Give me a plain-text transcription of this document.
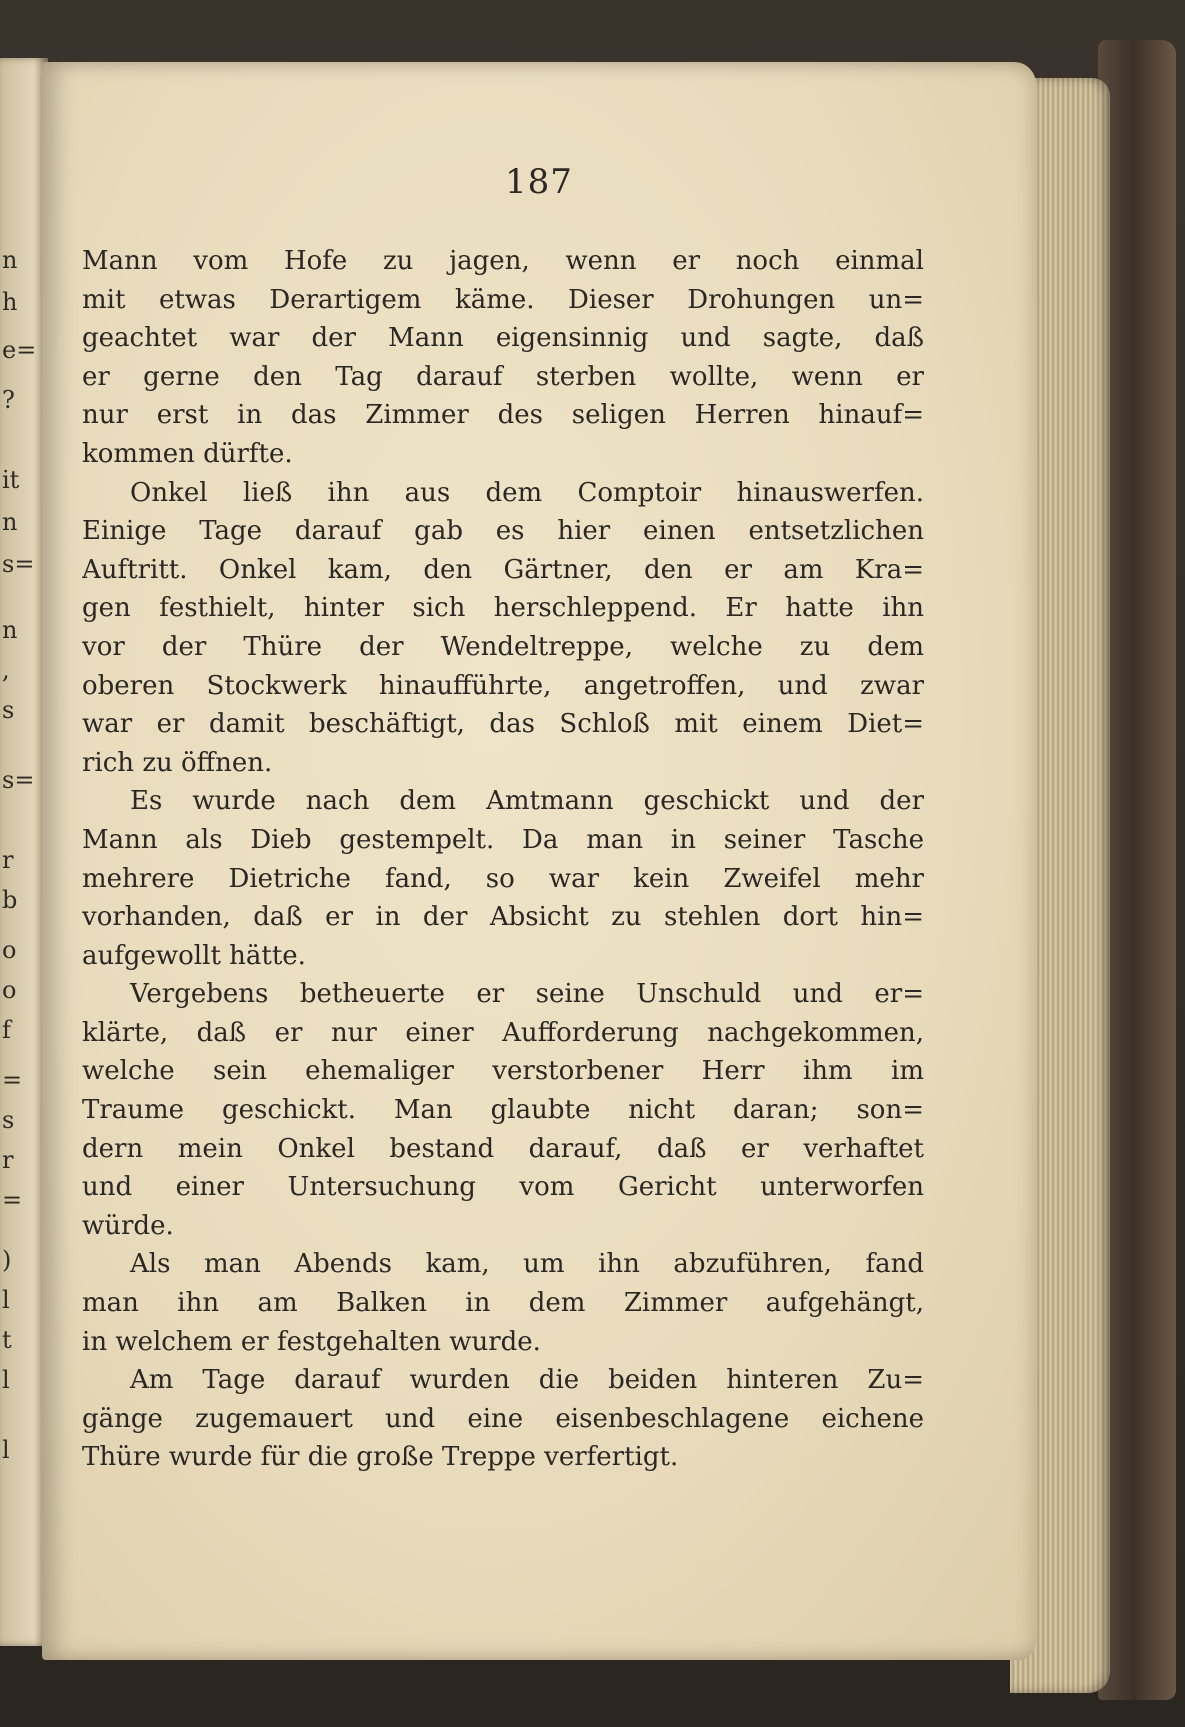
n
h
e=
?
it
n
s=
n
,
s
s=
r
b
o
o
f
=
s
r
=
)
l
t
l
l
187
Mann vom Hofe zu jagen, wenn er noch einmal
mit etwas Derartigem käme. Dieser Drohungen un=
geachtet war der Mann eigensinnig und sagte, daß
er gerne den Tag darauf sterben wollte, wenn er
nur erst in das Zimmer des seligen Herren hinauf=
kommen dürfte.
Onkel ließ ihn aus dem Comptoir hinauswerfen.
Einige Tage darauf gab es hier einen entsetzlichen
Auftritt. Onkel kam, den Gärtner, den er am Kra=
gen festhielt, hinter sich herschleppend. Er hatte ihn
vor der Thüre der Wendeltreppe, welche zu dem
oberen Stockwerk hinaufführte, angetroffen, und zwar
war er damit beschäftigt, das Schloß mit einem Diet=
rich zu öffnen.
Es wurde nach dem Amtmann geschickt und der
Mann als Dieb gestempelt. Da man in seiner Tasche
mehrere Dietriche fand, so war kein Zweifel mehr
vorhanden, daß er in der Absicht zu stehlen dort hin=
aufgewollt hätte.
Vergebens betheuerte er seine Unschuld und er=
klärte, daß er nur einer Aufforderung nachgekommen,
welche sein ehemaliger verstorbener Herr ihm im
Traume geschickt. Man glaubte nicht daran; son=
dern mein Onkel bestand darauf, daß er verhaftet
und einer Untersuchung vom Gericht unterworfen
würde.
Als man Abends kam, um ihn abzuführen, fand
man ihn am Balken in dem Zimmer aufgehängt,
in welchem er festgehalten wurde.
Am Tage darauf wurden die beiden hinteren Zu=
gänge zugemauert und eine eisenbeschlagene eichene
Thüre wurde für die große Treppe verfertigt.
